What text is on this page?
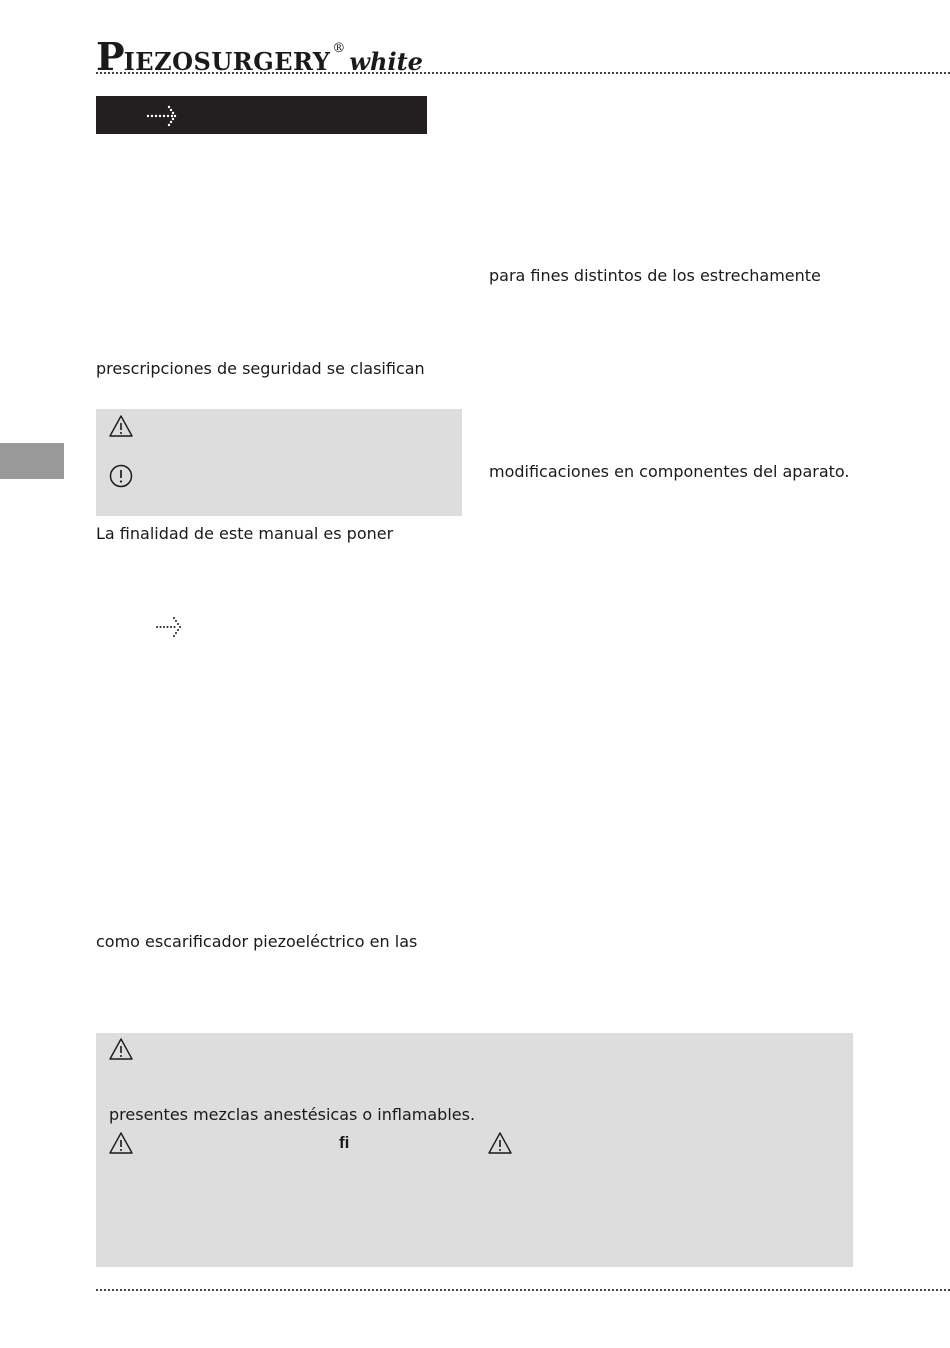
PIEZOSURGERY ® white
para fines distintos de los estrechamente
modificaciones en componentes del aparato.
prescripciones de seguridad se clasifican
La finalidad de este manual es poner
como escarificador piezoeléctrico en las
presentes mezclas anestésicas o inflamables.
fi
